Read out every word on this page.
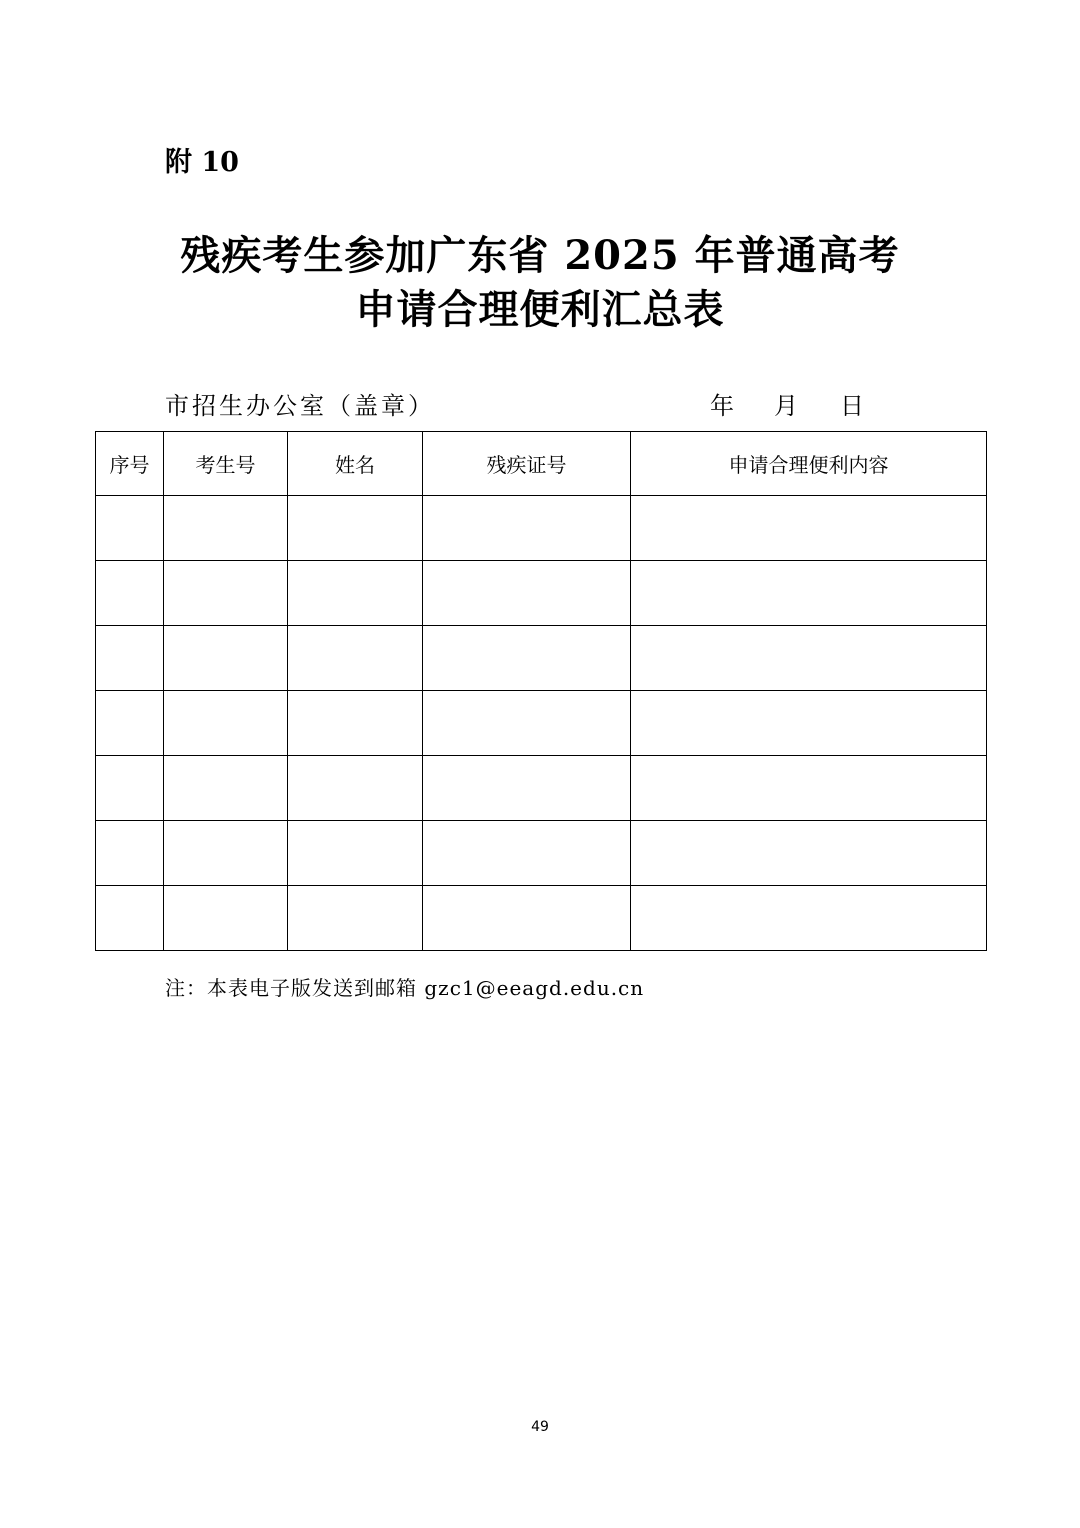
附 10
残疾考生参加广东省 2025 年普通高考
申请合理便利汇总表
市招生办公室（盖章）	年 月 日
序号	考生号	姓名	残疾证号	申请合理便利内容

注：本表电子版发送到邮箱 gzc1@eeagd.edu.cn
49
